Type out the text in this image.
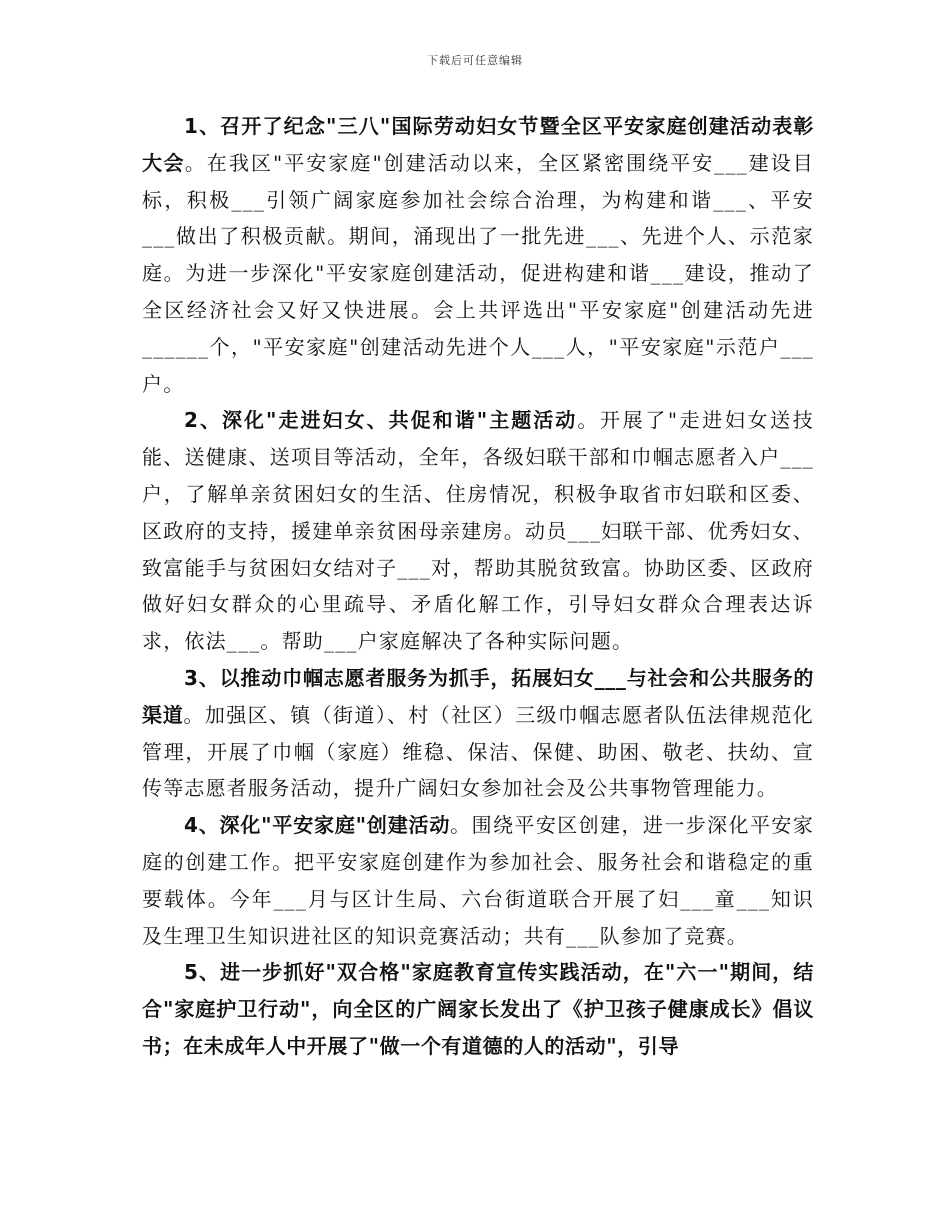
下载后可任意编辑

1、召开了纪念"三八"国际劳动妇女节暨全区平安家庭创建活动表彰大会。在我区"平安家庭"创建活动以来，全区紧密围绕平安___建设目标，积极___引领广阔家庭参加社会综合治理，为构建和谐___、平安___做出了积极贡献。期间，涌现出了一批先进___、先进个人、示范家庭。为进一步深化"平安家庭创建活动，促进构建和谐___建设，推动了全区经济社会又好又快进展。会上共评选出"平安家庭"创建活动先进______个，"平安家庭"创建活动先进个人___人，"平安家庭"示范户___户。

2、深化"走进妇女、共促和谐"主题活动。开展了"走进妇女送技能、送健康、送项目等活动，全年，各级妇联干部和巾帼志愿者入户___户，了解单亲贫困妇女的生活、住房情况，积极争取省市妇联和区委、区政府的支持，援建单亲贫困母亲建房。动员___妇联干部、优秀妇女、致富能手与贫困妇女结对子___对，帮助其脱贫致富。协助区委、区政府做好妇女群众的心里疏导、矛盾化解工作，引导妇女群众合理表达诉求，依法___。帮助___户家庭解决了各种实际问题。

3、以推动巾帼志愿者服务为抓手，拓展妇女___与社会和公共服务的渠道。加强区、镇（街道）、村（社区）三级巾帼志愿者队伍法律规范化管理，开展了巾帼（家庭）维稳、保洁、保健、助困、敬老、扶幼、宣传等志愿者服务活动，提升广阔妇女参加社会及公共事物管理能力。

4、深化"平安家庭"创建活动。围绕平安区创建，进一步深化平安家庭的创建工作。把平安家庭创建作为参加社会、服务社会和谐稳定的重要载体。今年___月与区计生局、六台街道联合开展了妇___童___知识及生理卫生知识进社区的知识竞赛活动；共有___队参加了竞赛。

5、进一步抓好"双合格"家庭教育宣传实践活动，在"六一"期间，结合"家庭护卫行动"，向全区的广阔家长发出了《护卫孩子健康成长》倡议书；在未成年人中开展了"做一个有道德的人的活动"，引导
